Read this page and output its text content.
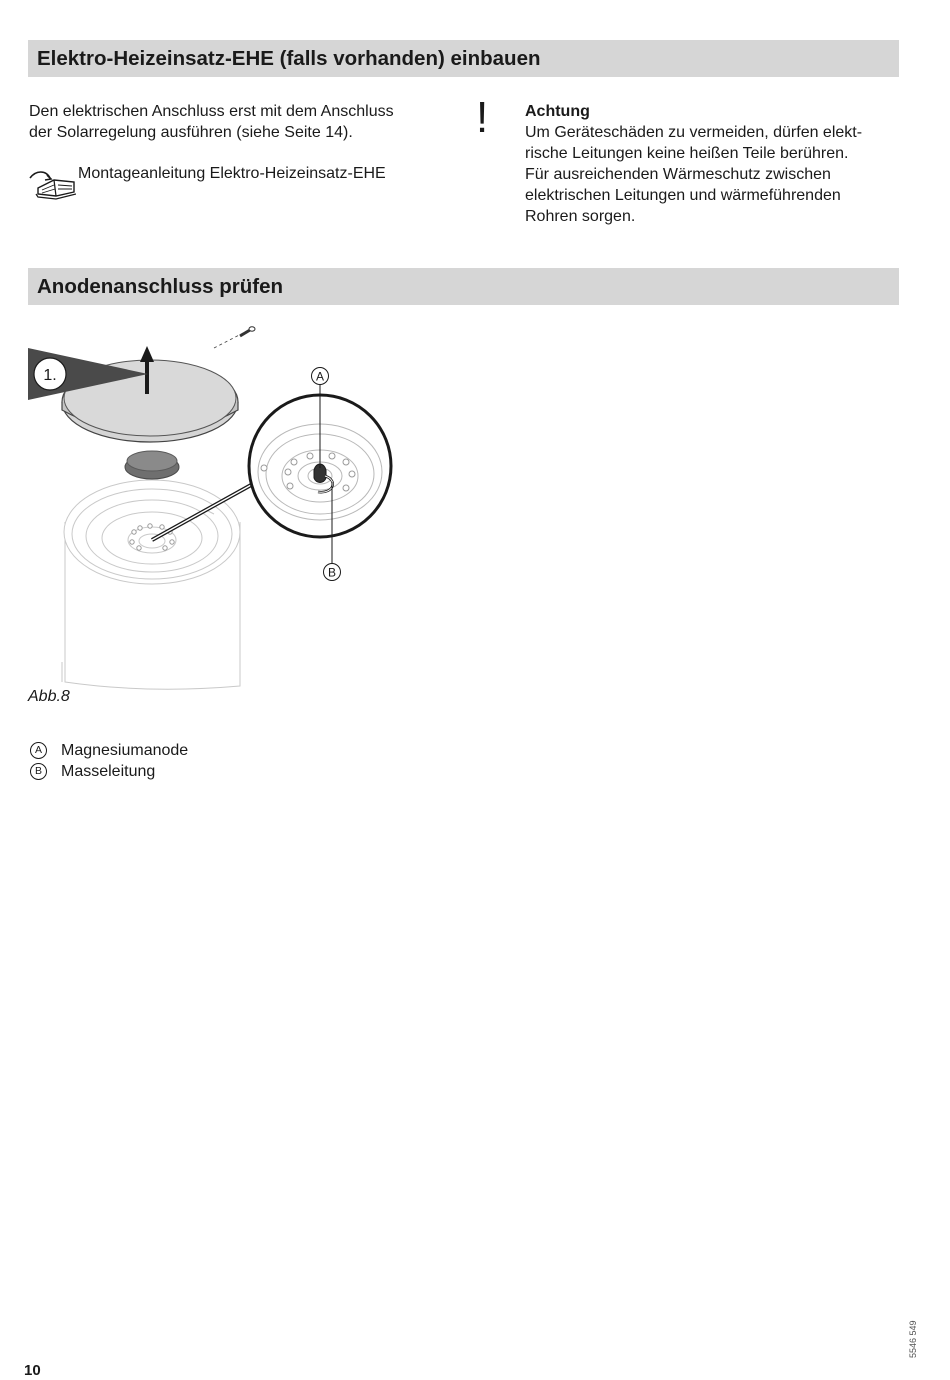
Elektro-Heizeinsatz-EHE (falls vorhanden) einbauen

Den elektrischen Anschluss erst mit dem Anschluss

der Solarregelung ausführen (siehe Seite 14).

Montageanleitung Elektro-Heizeinsatz-EHE

! Achtung

Um Geräteschäden zu vermeiden, dürfen elekt-

rische Leitungen keine heißen Teile berühren.

Für ausreichenden Wärmeschutz zwischen

elektrischen Leitungen und wärmeführenden

Rohren sorgen.

Anodenanschluss prüfen
1.	A
B
Abb.8
A	Magnesiumanode
B	Masseleitung
10
5546 549
